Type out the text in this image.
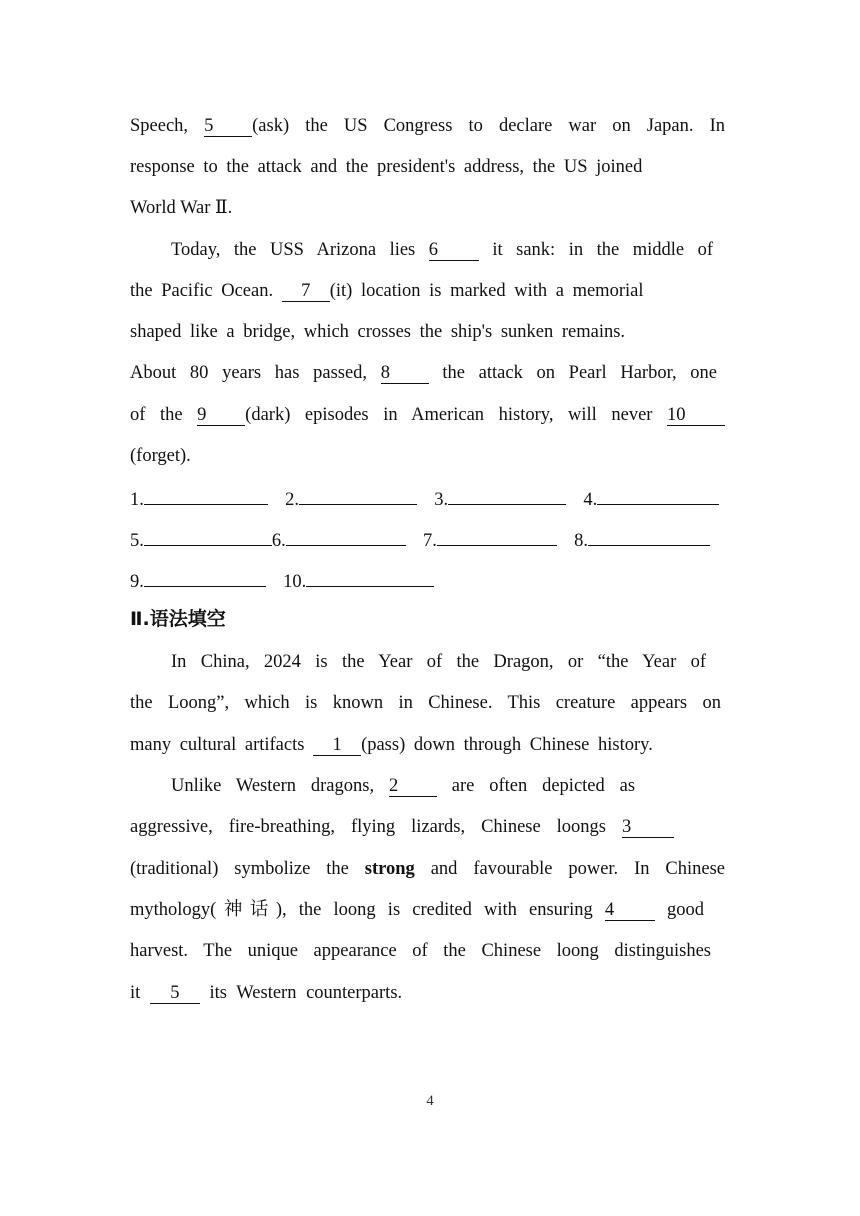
Speech, 5 (ask) the US Congress to declare war on Japan. In
response to the attack and the president's address, the US joined
World War Ⅱ.
Today, the USS Arizona lies 6	it sank: in the middle of
the Pacific Ocean. 7 (it) location is marked with a memorial
shaped like a bridge, which crosses the ship's sunken remains.
About 80 years has passed, 8	the attack on Pearl Harbor, one
of the 9 (dark) episodes in American history, will never 10
(forget).
1.	2.	3.	4.
5.	6.	7.	8.
9.	10.
Ⅱ.语法填空
In China, 2024 is the Year of the Dragon, or “the Year of
the Loong”, which is known in Chinese. This creature appears on
many cultural artifacts 1 (pass) down through Chinese history.
Unlike Western dragons, 2	are often depicted as
aggressive, fire-breathing, flying lizards, Chinese loongs 3
(traditional) symbolize the strong and favourable power. In Chinese
mythology(神话), the loong is credited with ensuring 4	good
harvest. The unique appearance of the Chinese loong distinguishes
it 5 its Western counterparts.
4
